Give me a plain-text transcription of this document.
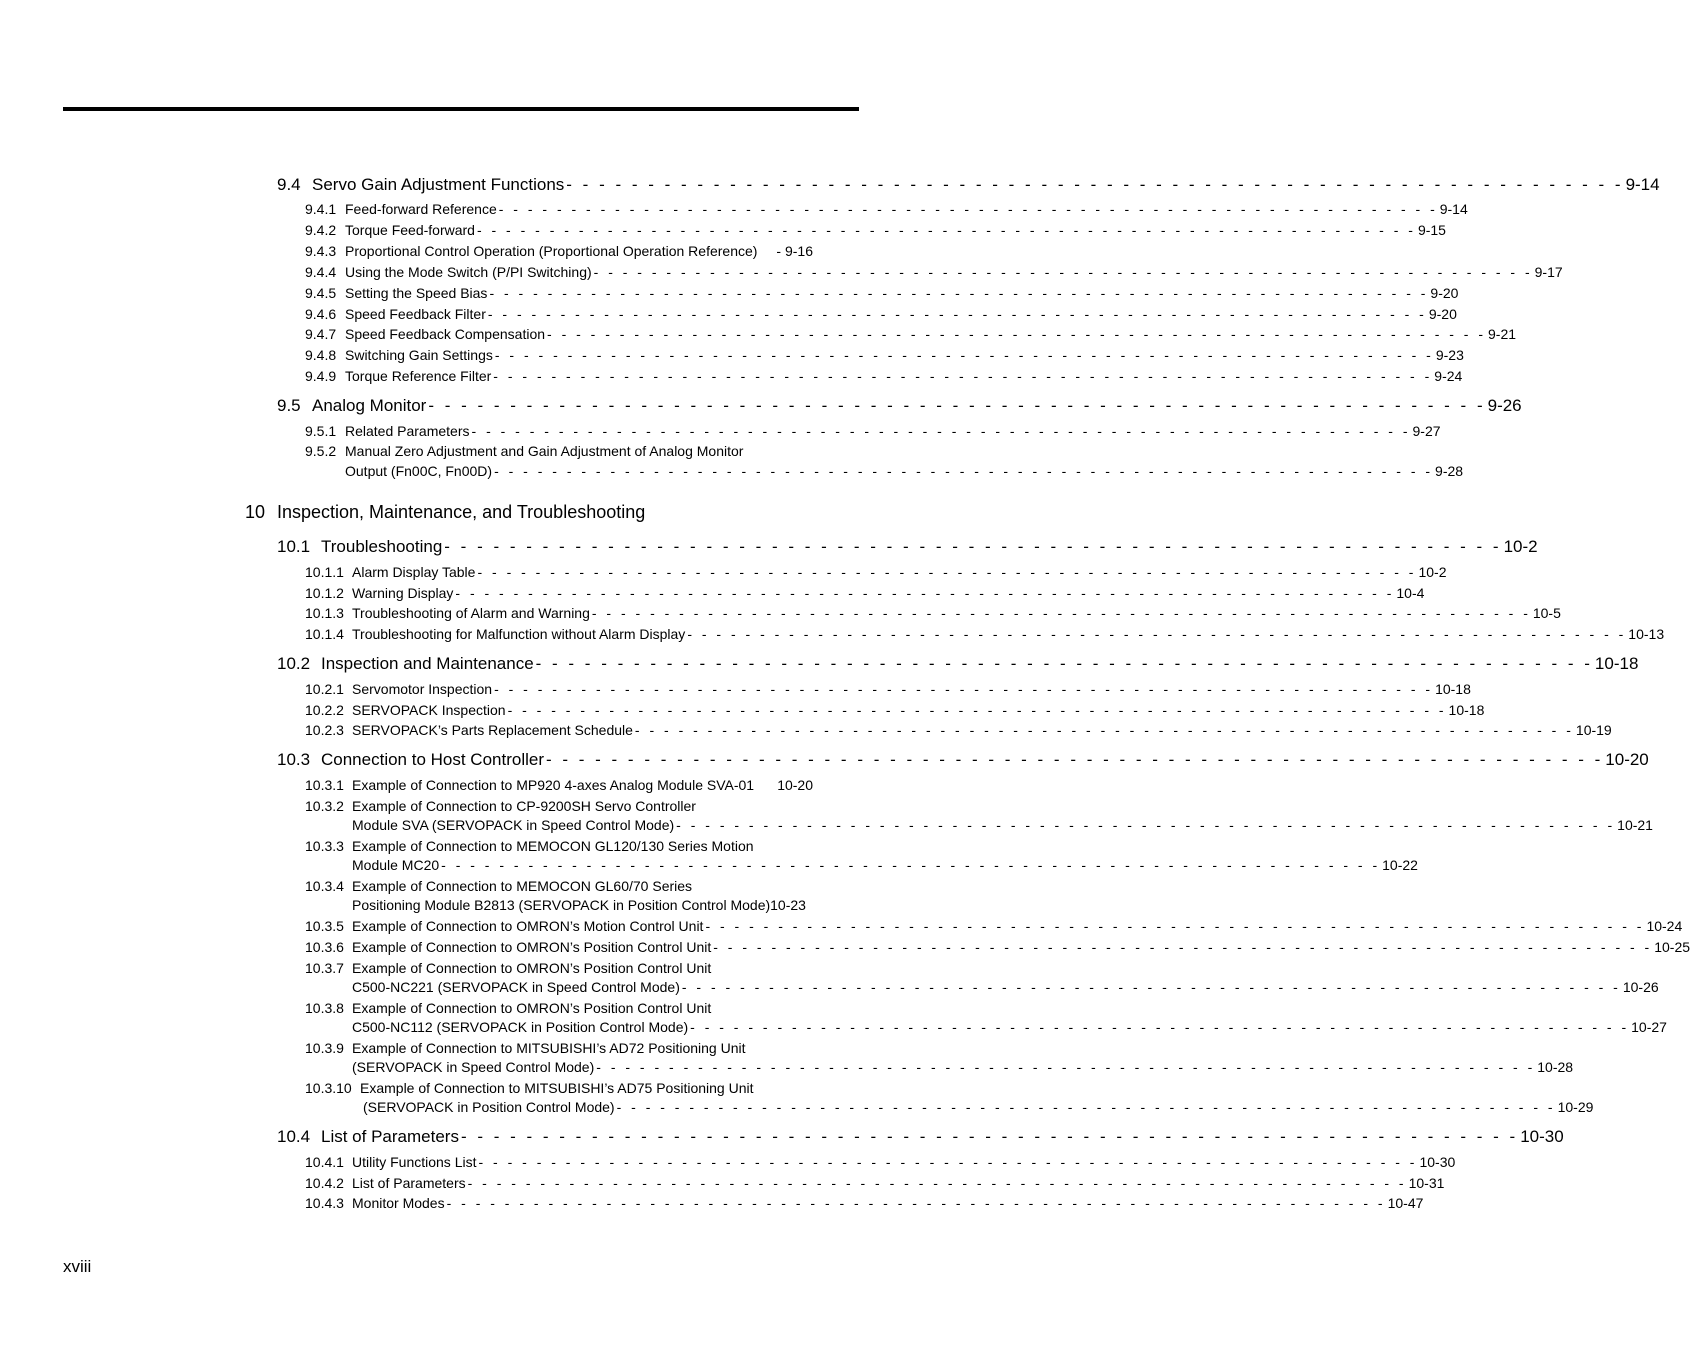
9.4 Servo Gain Adjustment Functions - - - - - - - - - - - - - - - - - - - - - - - - - - - - - - - - - - - - - - - - - - - - - - - - - - - - - - - - - - - - - - - - - 9-14
9.4.1 Feed-forward Reference - - - - - - - - - - - - - - - - - - - - - - - - - - - - - - - - - - - - - - - - - - - - - - - - - - - - - - - - - - - - - - - - - 9-14
9.4.2 Torque Feed-forward - - - - - - - - - - - - - - - - - - - - - - - - - - - - - - - - - - - - - - - - - - - - - - - - - - - - - - - - - - - - - - - - - 9-15
9.4.3 Proportional Control Operation (Proportional Operation Reference) - 9-16
9.4.4 Using the Mode Switch (P/PI Switching) - - - - - - - - - - - - - - - - - - - - - - - - - - - - - - - - - - - - - - - - - - - - - - - - - - - - - - - - - - - - - - - - - 9-17
9.4.5 Setting the Speed Bias - - - - - - - - - - - - - - - - - - - - - - - - - - - - - - - - - - - - - - - - - - - - - - - - - - - - - - - - - - - - - - - - - 9-20
9.4.6 Speed Feedback Filter - - - - - - - - - - - - - - - - - - - - - - - - - - - - - - - - - - - - - - - - - - - - - - - - - - - - - - - - - - - - - - - - - 9-20
9.4.7 Speed Feedback Compensation - - - - - - - - - - - - - - - - - - - - - - - - - - - - - - - - - - - - - - - - - - - - - - - - - - - - - - - - - - - - - - - - - 9-21
9.4.8 Switching Gain Settings - - - - - - - - - - - - - - - - - - - - - - - - - - - - - - - - - - - - - - - - - - - - - - - - - - - - - - - - - - - - - - - - - 9-23
9.4.9 Torque Reference Filter - - - - - - - - - - - - - - - - - - - - - - - - - - - - - - - - - - - - - - - - - - - - - - - - - - - - - - - - - - - - - - - - - 9-24
9.5 Analog Monitor - - - - - - - - - - - - - - - - - - - - - - - - - - - - - - - - - - - - - - - - - - - - - - - - - - - - - - - - - - - - - - - - - 9-26
9.5.1 Related Parameters - - - - - - - - - - - - - - - - - - - - - - - - - - - - - - - - - - - - - - - - - - - - - - - - - - - - - - - - - - - - - - - - - 9-27
9.5.2 Manual Zero Adjustment and Gain Adjustment of Analog Monitor
Output (Fn00C, Fn00D) - - - - - - - - - - - - - - - - - - - - - - - - - - - - - - - - - - - - - - - - - - - - - - - - - - - - - - - - - - - - - - - - - 9-28
10 Inspection, Maintenance, and Troubleshooting
10.1 Troubleshooting - - - - - - - - - - - - - - - - - - - - - - - - - - - - - - - - - - - - - - - - - - - - - - - - - - - - - - - - - - - - - - - - - 10-2
10.1.1 Alarm Display Table - - - - - - - - - - - - - - - - - - - - - - - - - - - - - - - - - - - - - - - - - - - - - - - - - - - - - - - - - - - - - - - - - 10-2
10.1.2 Warning Display - - - - - - - - - - - - - - - - - - - - - - - - - - - - - - - - - - - - - - - - - - - - - - - - - - - - - - - - - - - - - - - - - 10-4
10.1.3 Troubleshooting of Alarm and Warning - - - - - - - - - - - - - - - - - - - - - - - - - - - - - - - - - - - - - - - - - - - - - - - - - - - - - - - - - - - - - - - - - 10-5
10.1.4 Troubleshooting for Malfunction without Alarm Display - - - - - - - - - - - - - - - - - - - - - - - - - - - - - - - - - - - - - - - - - - - - - - - - - - - - - - - - - - - - - - - - - 10-13
10.2 Inspection and Maintenance - - - - - - - - - - - - - - - - - - - - - - - - - - - - - - - - - - - - - - - - - - - - - - - - - - - - - - - - - - - - - - - - - 10-18
10.2.1 Servomotor Inspection - - - - - - - - - - - - - - - - - - - - - - - - - - - - - - - - - - - - - - - - - - - - - - - - - - - - - - - - - - - - - - - - - 10-18
10.2.2 SERVOPACK Inspection - - - - - - - - - - - - - - - - - - - - - - - - - - - - - - - - - - - - - - - - - - - - - - - - - - - - - - - - - - - - - - - - - 10-18
10.2.3 SERVOPACK’s Parts Replacement Schedule - - - - - - - - - - - - - - - - - - - - - - - - - - - - - - - - - - - - - - - - - - - - - - - - - - - - - - - - - - - - - - - - - 10-19
10.3 Connection to Host Controller - - - - - - - - - - - - - - - - - - - - - - - - - - - - - - - - - - - - - - - - - - - - - - - - - - - - - - - - - - - - - - - - - 10-20
10.3.1 Example of Connection to MP920 4-axes Analog Module SVA-01 10-20
10.3.2 Example of Connection to CP-9200SH Servo Controller
Module SVA (SERVOPACK in Speed Control Mode) - - - - - - - - - - - - - - - - - - - - - - - - - - - - - - - - - - - - - - - - - - - - - - - - - - - - - - - - - - - - - - - - - 10-21
10.3.3 Example of Connection to MEMOCON GL120/130 Series Motion
Module MC20 - - - - - - - - - - - - - - - - - - - - - - - - - - - - - - - - - - - - - - - - - - - - - - - - - - - - - - - - - - - - - - - - - 10-22
10.3.4 Example of Connection to MEMOCON GL60/70 Series
Positioning Module B2813 (SERVOPACK in Position Control Mode)10-23
10.3.5 Example of Connection to OMRON’s Motion Control Unit - - - - - - - - - - - - - - - - - - - - - - - - - - - - - - - - - - - - - - - - - - - - - - - - - - - - - - - - - - - - - - - - - 10-24
10.3.6 Example of Connection to OMRON’s Position Control Unit - - - - - - - - - - - - - - - - - - - - - - - - - - - - - - - - - - - - - - - - - - - - - - - - - - - - - - - - - - - - - - - - - 10-25
10.3.7 Example of Connection to OMRON’s Position Control Unit
C500-NC221 (SERVOPACK in Speed Control Mode) - - - - - - - - - - - - - - - - - - - - - - - - - - - - - - - - - - - - - - - - - - - - - - - - - - - - - - - - - - - - - - - - - 10-26
10.3.8 Example of Connection to OMRON’s Position Control Unit
C500-NC112 (SERVOPACK in Position Control Mode) - - - - - - - - - - - - - - - - - - - - - - - - - - - - - - - - - - - - - - - - - - - - - - - - - - - - - - - - - - - - - - - - - 10-27
10.3.9 Example of Connection to MITSUBISHI’s AD72 Positioning Unit
(SERVOPACK in Speed Control Mode) - - - - - - - - - - - - - - - - - - - - - - - - - - - - - - - - - - - - - - - - - - - - - - - - - - - - - - - - - - - - - - - - - 10-28
10.3.10 Example of Connection to MITSUBISHI’s AD75 Positioning Unit
(SERVOPACK in Position Control Mode) - - - - - - - - - - - - - - - - - - - - - - - - - - - - - - - - - - - - - - - - - - - - - - - - - - - - - - - - - - - - - - - - - 10-29
10.4 List of Parameters - - - - - - - - - - - - - - - - - - - - - - - - - - - - - - - - - - - - - - - - - - - - - - - - - - - - - - - - - - - - - - - - - 10-30
10.4.1 Utility Functions List - - - - - - - - - - - - - - - - - - - - - - - - - - - - - - - - - - - - - - - - - - - - - - - - - - - - - - - - - - - - - - - - - 10-30
10.4.2 List of Parameters - - - - - - - - - - - - - - - - - - - - - - - - - - - - - - - - - - - - - - - - - - - - - - - - - - - - - - - - - - - - - - - - - 10-31
10.4.3 Monitor Modes - - - - - - - - - - - - - - - - - - - - - - - - - - - - - - - - - - - - - - - - - - - - - - - - - - - - - - - - - - - - - - - - - 10-47
xviii
